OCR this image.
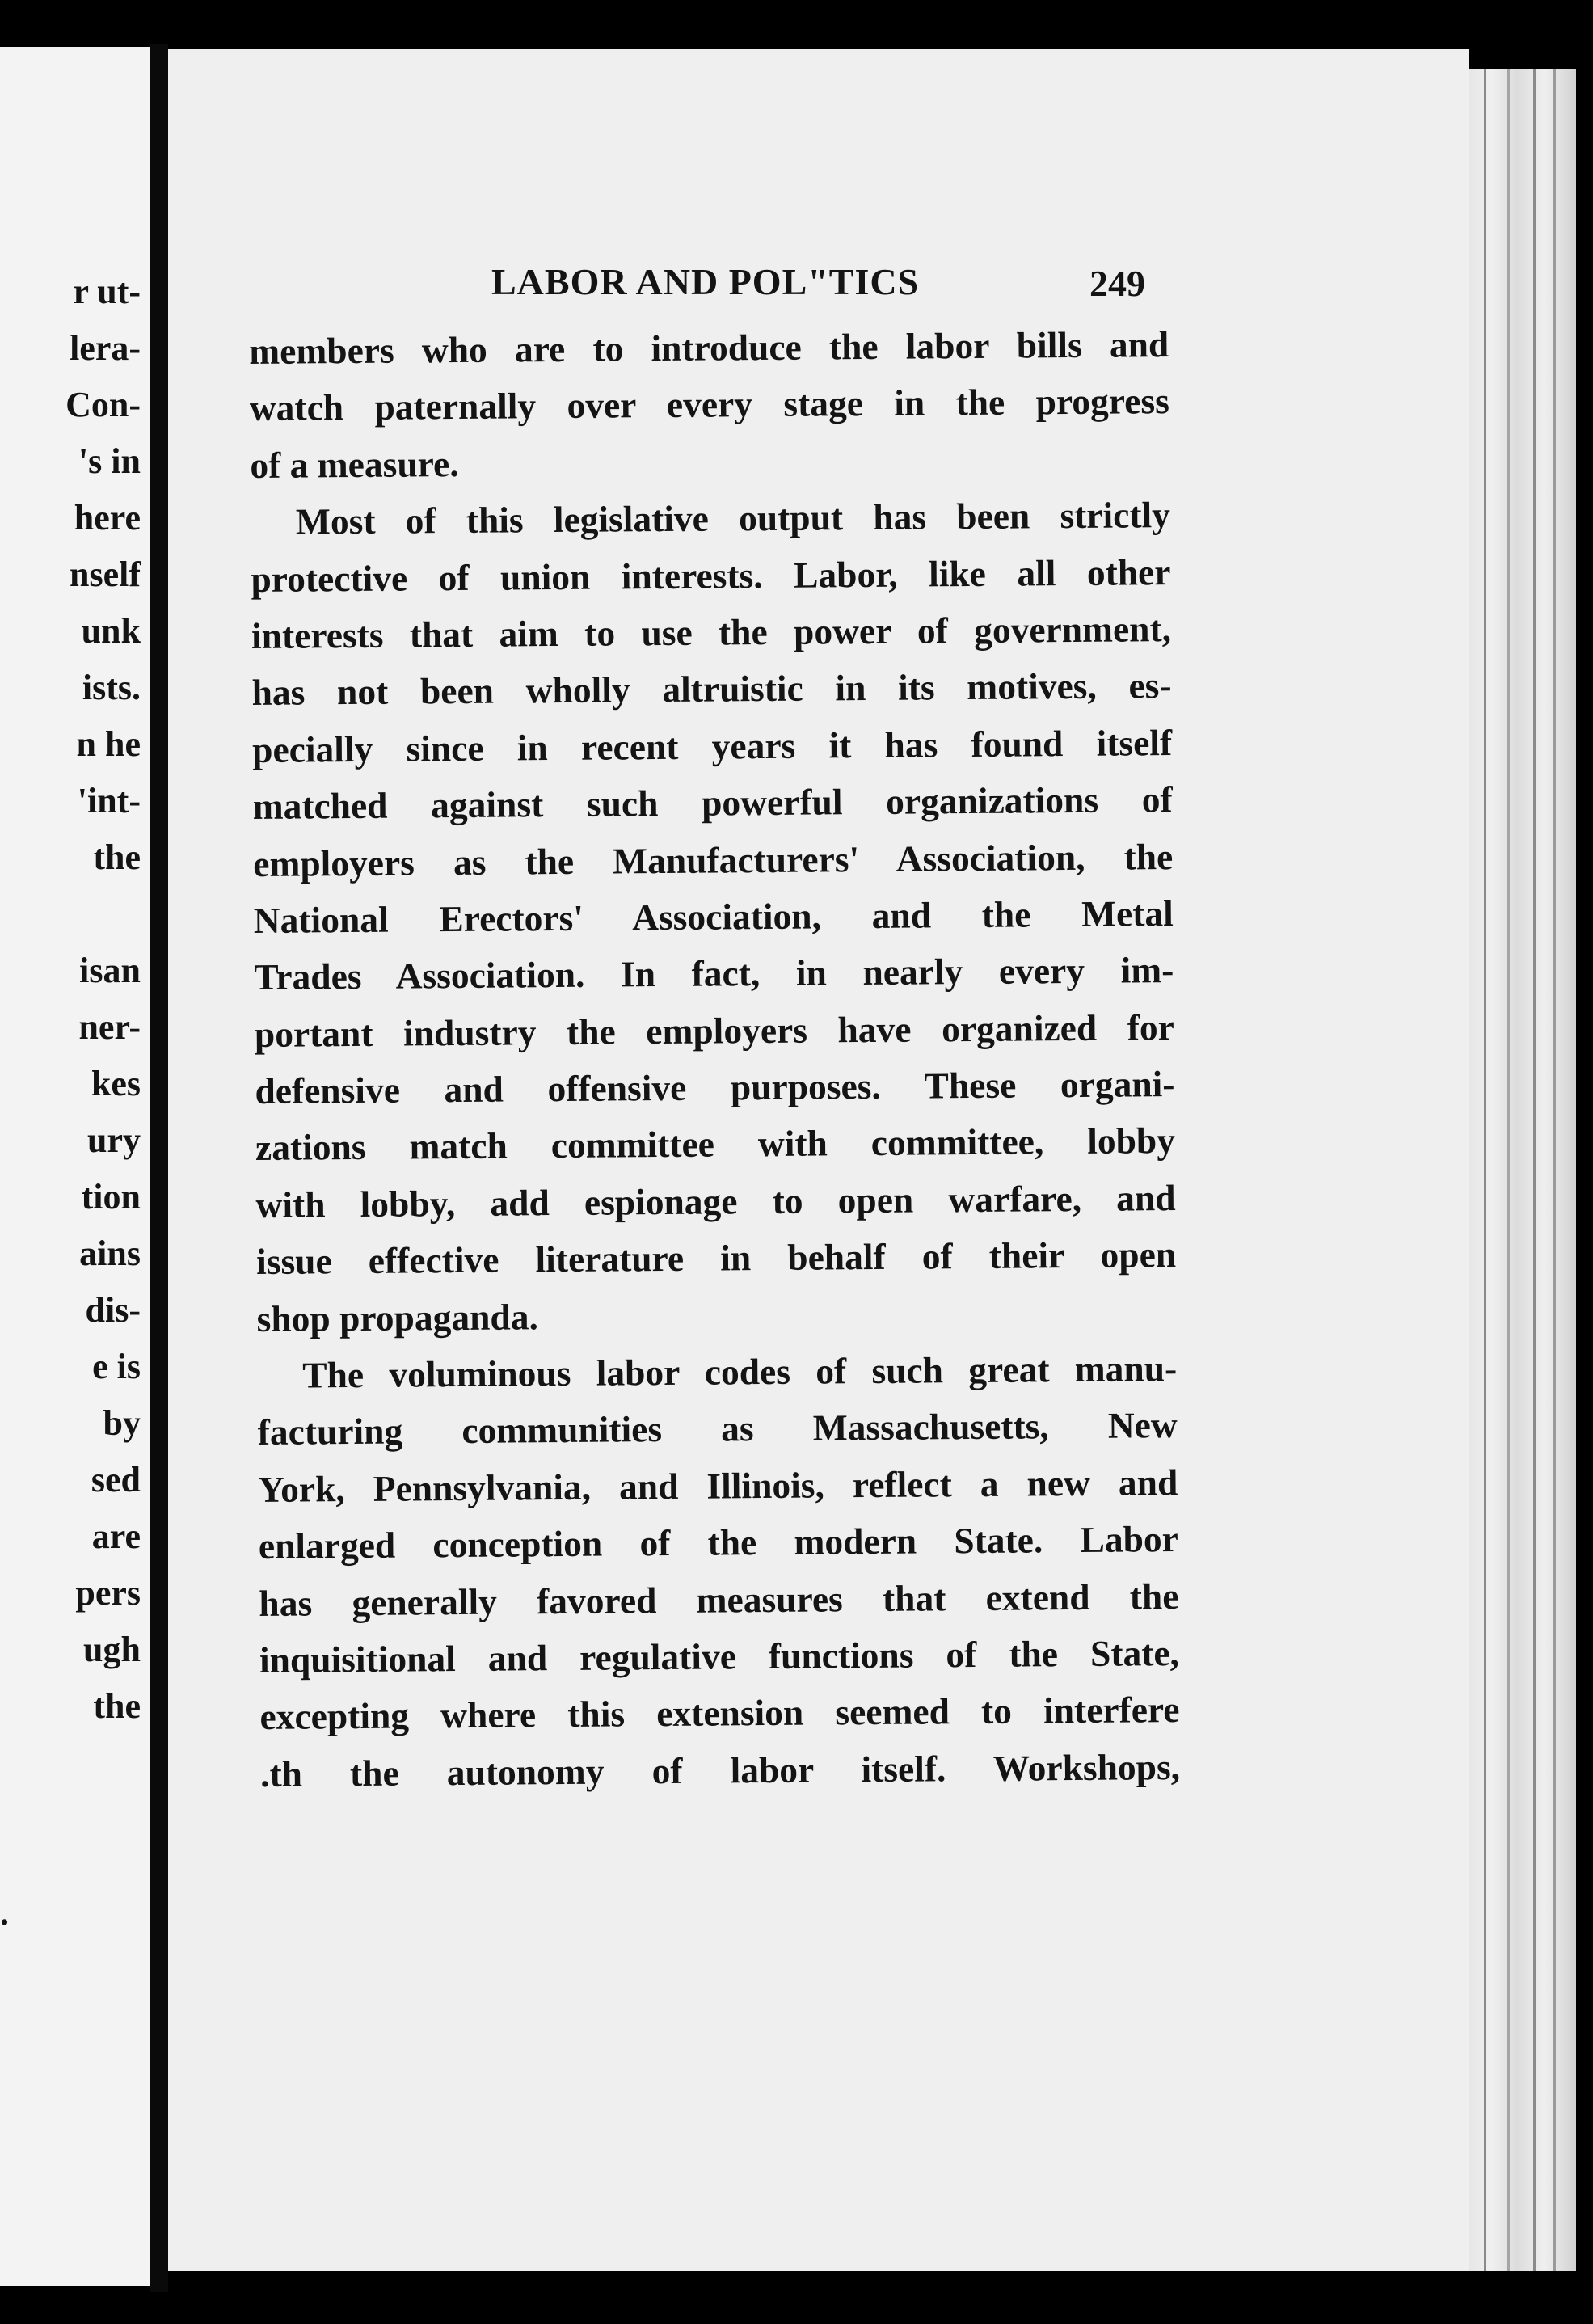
r ut-
lera-
Con-
's in
here
nself
unk
ists.
n he
'int-
the
isan
ner-
kes
ury
tion
ains
dis-
e is
by
sed
are
pers
ugh
the
.
LABOR AND POL"TICS	249
members who are to introduce the labor bills and
watch paternally over every stage in the progress
of a measure.
Most of this legislative output has been strictly
protective of union interests. Labor, like all other
interests that aim to use the power of government,
has not been wholly altruistic in its motives, es-
pecially since in recent years it has found itself
matched against such powerful organizations of
employers as the Manufacturers' Association, the
National Erectors' Association, and the Metal
Trades Association. In fact, in nearly every im-
portant industry the employers have organized for
defensive and offensive purposes. These organi-
zations match committee with committee, lobby
with lobby, add espionage to open warfare, and
issue effective literature in behalf of their open
shop propaganda.
The voluminous labor codes of such great manu-
facturing communities as Massachusetts, New
York, Pennsylvania, and Illinois, reflect a new and
enlarged conception of the modern State. Labor
has generally favored measures that extend the
inquisitional and regulative functions of the State,
excepting where this extension seemed to interfere
.th the autonomy of labor itself. Workshops,
